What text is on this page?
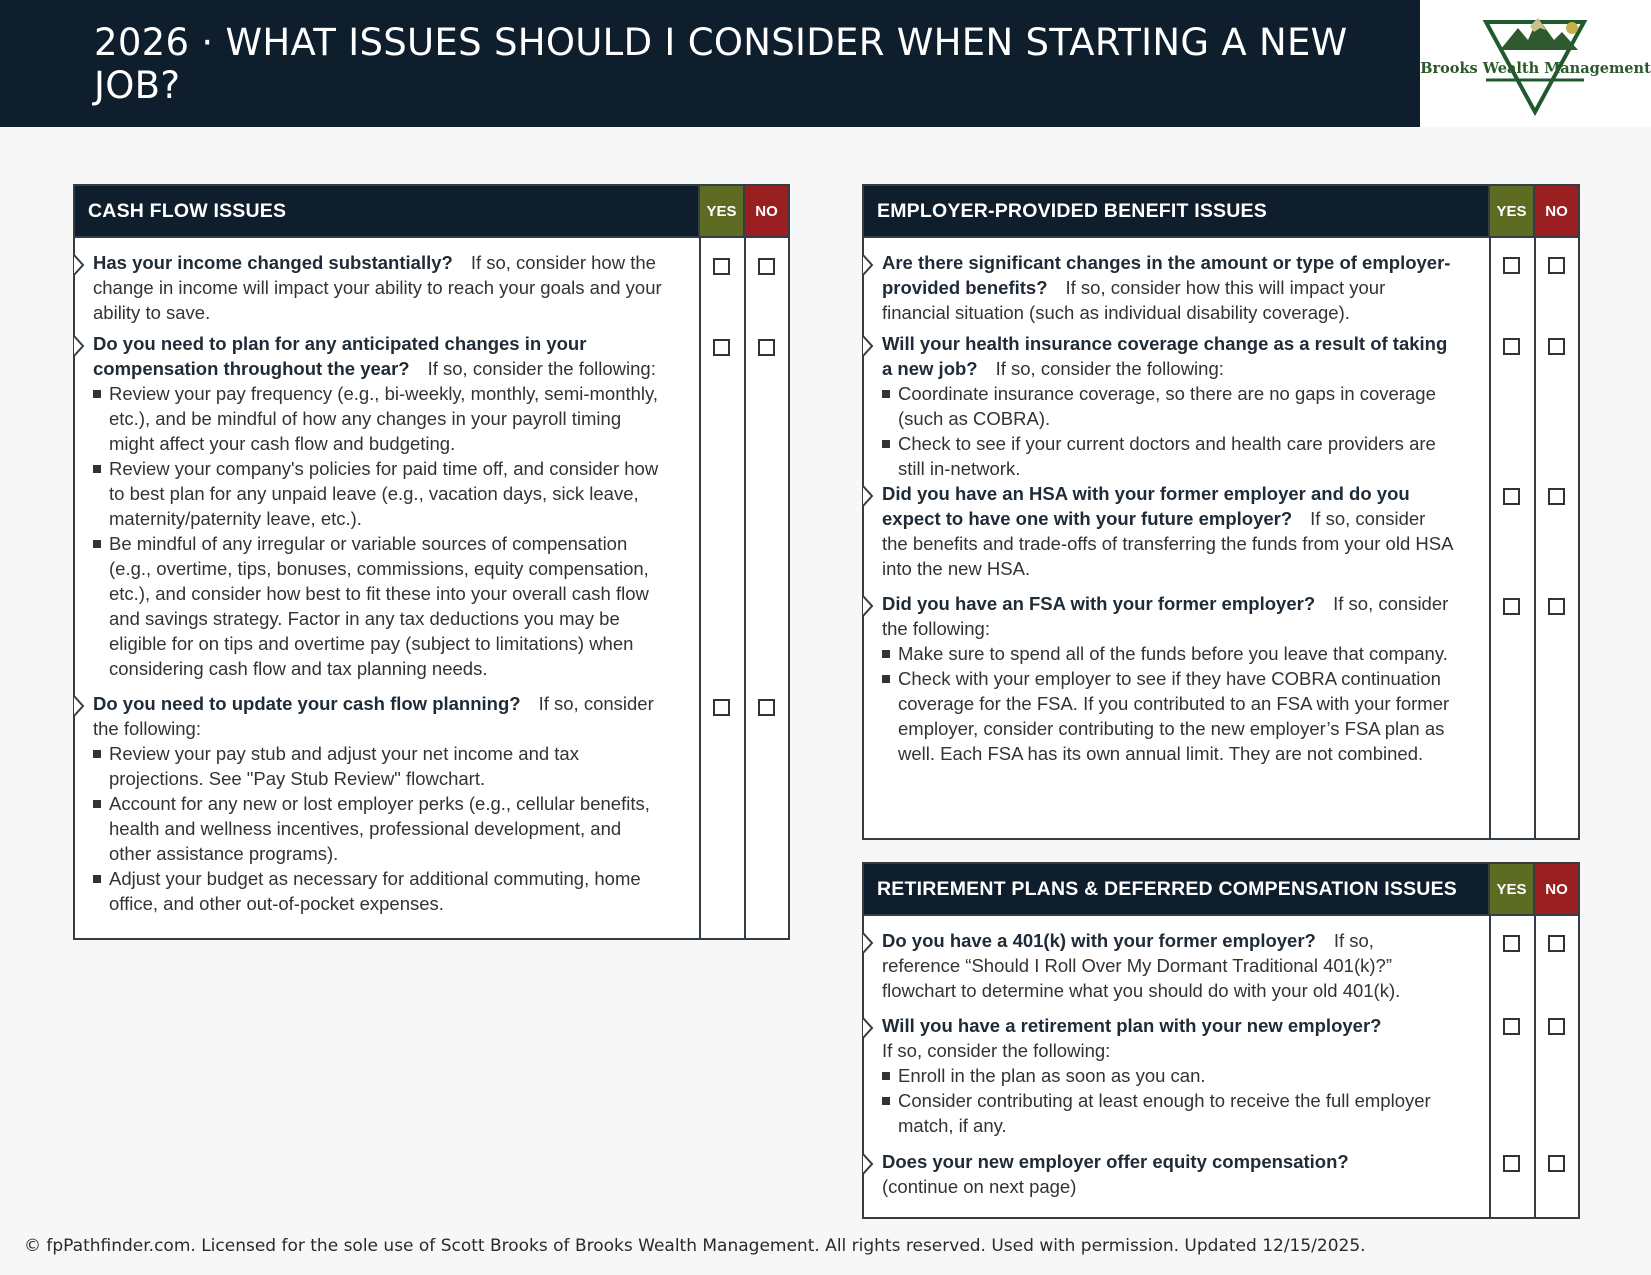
2026 · WHAT ISSUES SHOULD I CONSIDER WHEN STARTING A NEW JOB?	Brooks Wealth Management
CASH FLOW ISSUES	YES	NO
Has your income changed substantially? If so, consider how the change in income will impact your ability to reach your goals and your ability to save.
Do you need to plan for any anticipated changes in your compensation throughout the year? If so, consider the following:
Review your pay frequency (e.g., bi-weekly, monthly, semi-monthly, etc.), and be mindful of how any changes in your payroll timing might affect your cash flow and budgeting.
Review your company's policies for paid time off, and consider how to best plan for any unpaid leave (e.g., vacation days, sick leave, maternity/paternity leave, etc.).
Be mindful of any irregular or variable sources of compensation (e.g., overtime, tips, bonuses, commissions, equity compensation, etc.), and consider how best to fit these into your overall cash flow and savings strategy. Factor in any tax deductions you may be eligible for on tips and overtime pay (subject to limitations) when considering cash flow and tax planning needs.
Do you need to update your cash flow planning? If so, consider the following:
Review your pay stub and adjust your net income and tax projections. See "Pay Stub Review" flowchart.
Account for any new or lost employer perks (e.g., cellular benefits, health and wellness incentives, professional development, and other assistance programs).
Adjust your budget as necessary for additional commuting, home office, and other out-of-pocket expenses.
EMPLOYER-PROVIDED BENEFIT ISSUES	YES	NO
Are there significant changes in the amount or type of employer-provided benefits? If so, consider how this will impact your financial situation (such as individual disability coverage).
Will your health insurance coverage change as a result of taking a new job? If so, consider the following:
Coordinate insurance coverage, so there are no gaps in coverage (such as COBRA).
Check to see if your current doctors and health care providers are still in-network.
Did you have an HSA with your former employer and do you expect to have one with your future employer? If so, consider the benefits and trade-offs of transferring the funds from your old HSA into the new HSA.
Did you have an FSA with your former employer? If so, consider the following:
Make sure to spend all of the funds before you leave that company.
Check with your employer to see if they have COBRA continuation coverage for the FSA. If you contributed to an FSA with your former employer, consider contributing to the new employer’s FSA plan as well. Each FSA has its own annual limit. They are not combined.
RETIREMENT PLANS & DEFERRED COMPENSATION ISSUES	YES	NO
Do you have a 401(k) with your former employer? If so, reference “Should I Roll Over My Dormant Traditional 401(k)?” flowchart to determine what you should do with your old 401(k).
Will you have a retirement plan with your new employer?
If so, consider the following:
Enroll in the plan as soon as you can.
Consider contributing at least enough to receive the full employer match, if any.
Does your new employer offer equity compensation?
(continue on next page)
© fpPathfinder.com. Licensed for the sole use of Scott Brooks of Brooks Wealth Management. All rights reserved. Used with permission. Updated 12/15/2025.
